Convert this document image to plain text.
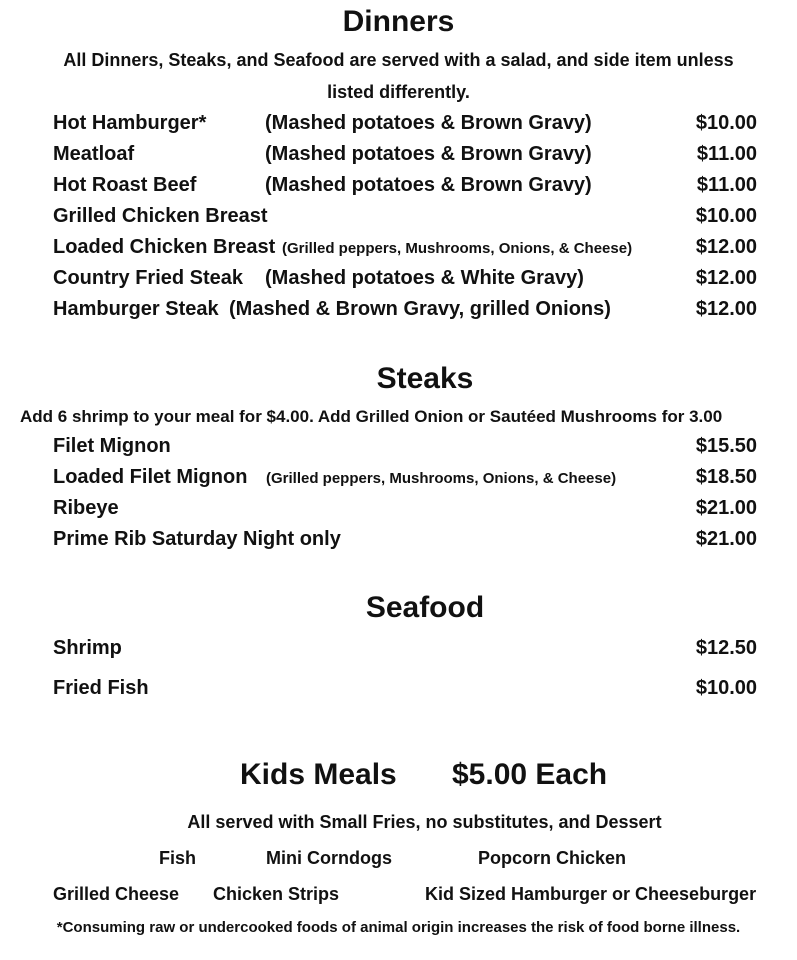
Dinners
All Dinners, Steaks, and Seafood are served with a salad, and side item unless
listed differently.
Hot Hamburger*	(Mashed potatoes & Brown Gravy)	$10.00
Meatloaf	(Mashed potatoes & Brown Gravy)	$11.00
Hot Roast Beef	(Mashed potatoes & Brown Gravy)	$11.00
Grilled Chicken Breast	$10.00
Loaded Chicken Breast (Grilled peppers, Mushrooms, Onions, & Cheese)	$12.00
Country Fried Steak (Mashed potatoes & White Gravy)	$12.00
Hamburger Steak (Mashed & Brown Gravy, grilled Onions)	$12.00
Steaks
Add 6 shrimp to your meal for $4.00. Add Grilled Onion or Sautéed Mushrooms for 3.00
Filet Mignon	$15.50
Loaded Filet Mignon (Grilled peppers, Mushrooms, Onions, & Cheese)	$18.50
Ribeye	$21.00
Prime Rib Saturday Night only	$21.00
Seafood
Shrimp	$12.50
Fried Fish	$10.00
Kids Meals $5.00 Each
All served with Small Fries, no substitutes, and Dessert
Fish	Mini Corndogs	Popcorn Chicken
Grilled Cheese Chicken Strips	Kid Sized Hamburger or Cheeseburger
*Consuming raw or undercooked foods of animal origin increases the risk of food borne illness.
